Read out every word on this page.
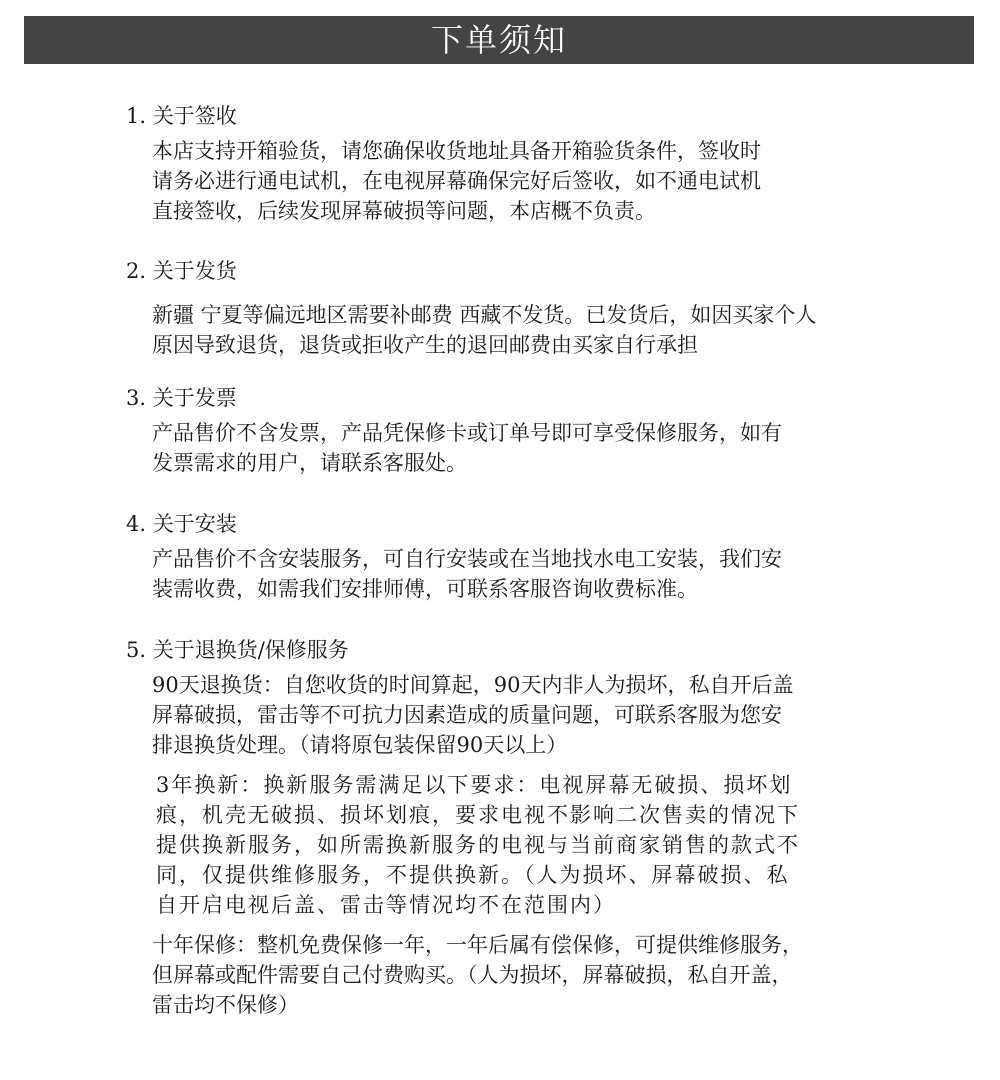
下单须知
1. 关于签收
本店支持开箱验货，请您确保收货地址具备开箱验货条件，签收时
请务必进行通电试机，在电视屏幕确保完好后签收，如不通电试机
直接签收，后续发现屏幕破损等问题，本店概不负责。
2. 关于发货
新疆 宁夏等偏远地区需要补邮费 西藏不发货。已发货后，如因买家个人
原因导致退货，退货或拒收产生的退回邮费由买家自行承担
3. 关于发票
产品售价不含发票，产品凭保修卡或订单号即可享受保修服务，如有
发票需求的用户，请联系客服处。
4. 关于安装
产品售价不含安装服务，可自行安装或在当地找水电工安装，我们安
装需收费，如需我们安排师傅，可联系客服咨询收费标准。
5. 关于退换货/保修服务
90天退换货：自您收货的时间算起，90天内非人为损坏，私自开后盖
屏幕破损，雷击等不可抗力因素造成的质量问题，可联系客服为您安
排退换货处理。（请将原包装保留90天以上）
3年换新：换新服务需满足以下要求：电视屏幕无破损、损坏划
痕，机壳无破损、损坏划痕，要求电视不影响二次售卖的情况下
提供换新服务，如所需换新服务的电视与当前商家销售的款式不
同，仅提供维修服务，不提供换新。（人为损坏、屏幕破损、私
自开启电视后盖、雷击等情况均不在范围内）
十年保修：整机免费保修一年，一年后属有偿保修，可提供维修服务，
但屏幕或配件需要自己付费购买。（人为损坏，屏幕破损，私自开盖，
雷击均不保修）
